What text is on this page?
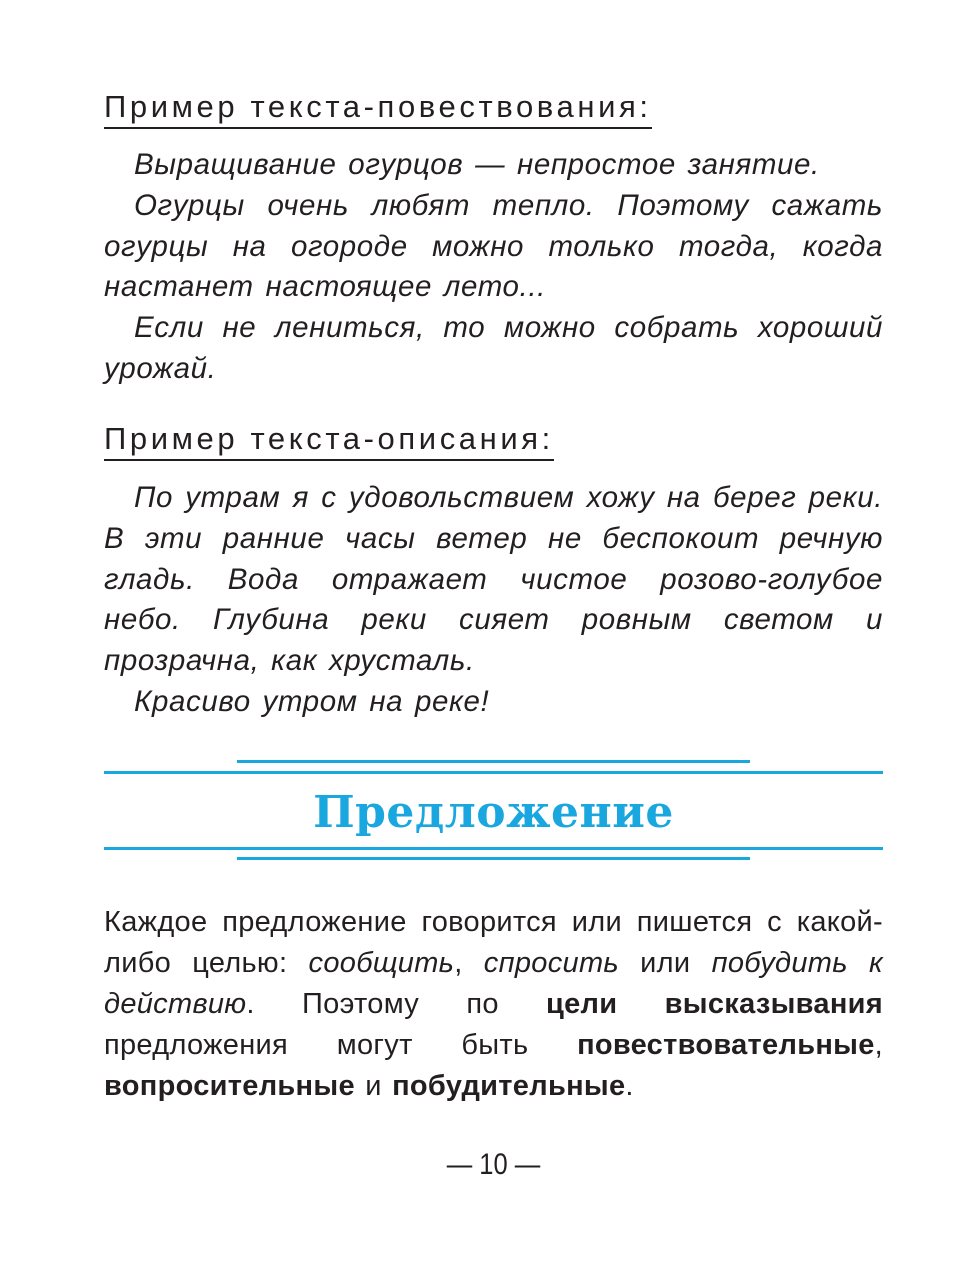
Пример текста-повествования:

Выращивание огурцов — непростое занятие.

Огурцы очень любят тепло. Поэтому сажать огурцы на огороде можно только тогда, когда настанет настоящее лето...

Если не лениться, то можно собрать хороший урожай.

Пример текста-описания:

По утрам я с удовольствием хожу на берег реки. В эти ранние часы ветер не беспокоит речную гладь. Вода отражает чистое розово-голубое небо. Глубина реки сияет ровным светом и прозрачна, как хрусталь.

Красиво утром на реке!

Предложение

Каждое предложение говорится или пишется с какой-либо целью: сообщить, спросить или побудить к действию. Поэтому по цели высказывания предложения могут быть повествовательные, вопросительные и побудительные.

— 10 —
